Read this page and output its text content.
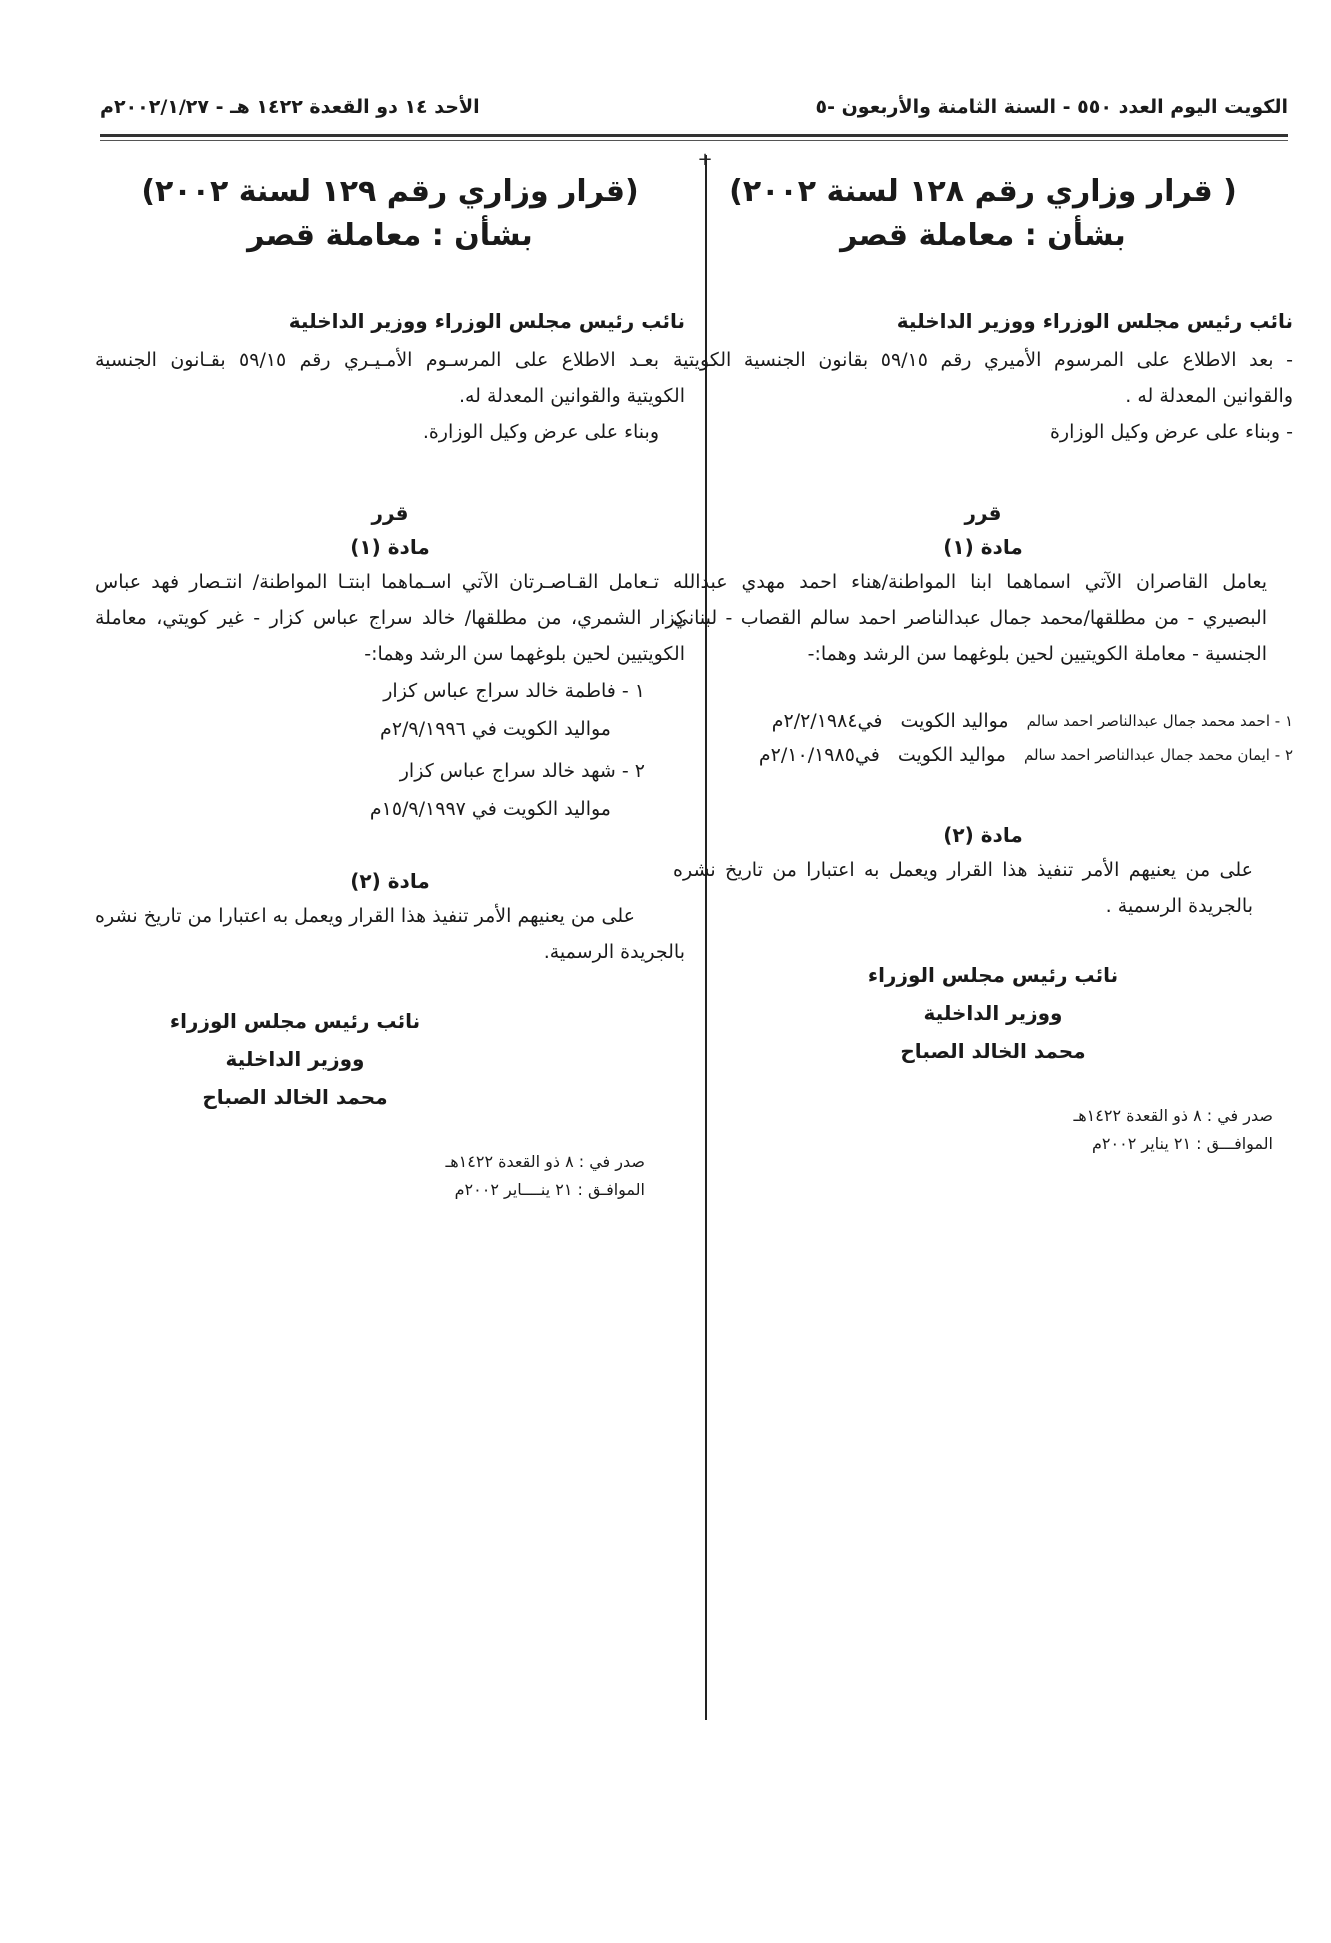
الكويت اليوم العدد ٥٥٠ - السنة الثامنة والأربعون -٥
الأحد ١٤ دو القعدة ١٤٢٢ هـ - ٢٠٠٢/١/٢٧م
+

( قرار وزاري رقم ١٢٨ لسنة ٢٠٠٢)

بشأن : معاملة قصر

نائب رئيس مجلس الوزراء ووزير الداخلية

- بعد الاطلاع على المرسوم الأميري رقم ٥٩/١٥ بقانون الجنسية الكويتية والقوانين المعدلة له .

- وبناء على عرض وكيل الوزارة

قرر

مادة (١)

يعامل القاصران الآتي اسماهما ابنا المواطنة/هناء احمد مهدي عبدالله البصيري - من مطلقها/محمد جمال عبدالناصر احمد سالم القصاب - لبناني الجنسية - معاملة الكويتيين لحين بلوغهما سن الرشد وهما:-

١ - احمد محمد جمال عبدالناصر احمد سالم
مواليد الكويت
في٢/٢/١٩٨٤م
٢ - ايمان محمد جمال عبدالناصر احمد سالم
مواليد الكويت
في٢/١٠/١٩٨٥م

مادة (٢)

على من يعنيهم الأمر تنفيذ هذا القرار ويعمل به اعتبارا من تاريخ نشره بالجريدة الرسمية .

نائب رئيس مجلس الوزراء

ووزير الداخلية

محمد الخالد الصباح

صدر في : ٨ ذو القعدة ١٤٢٢هـ

الموافـــق : ٢١ يناير ٢٠٠٢م

(قرار وزاري رقم ١٢٩ لسنة ٢٠٠٢)

بشأن : معاملة قصر

نائب رئيس مجلس الوزراء ووزير الداخلية

بعـد الاطلاع على المرسـوم الأمـيـري رقم ٥٩/١٥ بقـانون الجنسية الكويتية والقوانين المعدلة له.

وبناء على عرض وكيل الوزارة.

قرر

مادة (١)

تـعامل القـاصـرتان الآتي اسـماهما ابنتـا المواطنة/ انتـصار فهد عباس كزار الشمري، من مطلقها/ خالد سراج عباس كزار - غير كويتي، معاملة الكويتيين لحين بلوغهما سن الرشد وهما:-

١ - فاطمة خالد سراج عباس كزار

مواليد الكويت في ٢/٩/١٩٩٦م

٢ - شهد خالد سراج عباس كزار

مواليد الكويت في ١٥/٩/١٩٩٧م

مادة (٢)

على من يعنيهم الأمر تنفيذ هذا القرار ويعمل به اعتبارا من تاريخ نشره بالجريدة الرسمية.

نائب رئيس مجلس الوزراء

ووزير الداخلية

محمد الخالد الصباح

صدر في : ٨ ذو القعدة ١٤٢٢هـ

الموافـق : ٢١ ينــــاير ٢٠٠٢م
